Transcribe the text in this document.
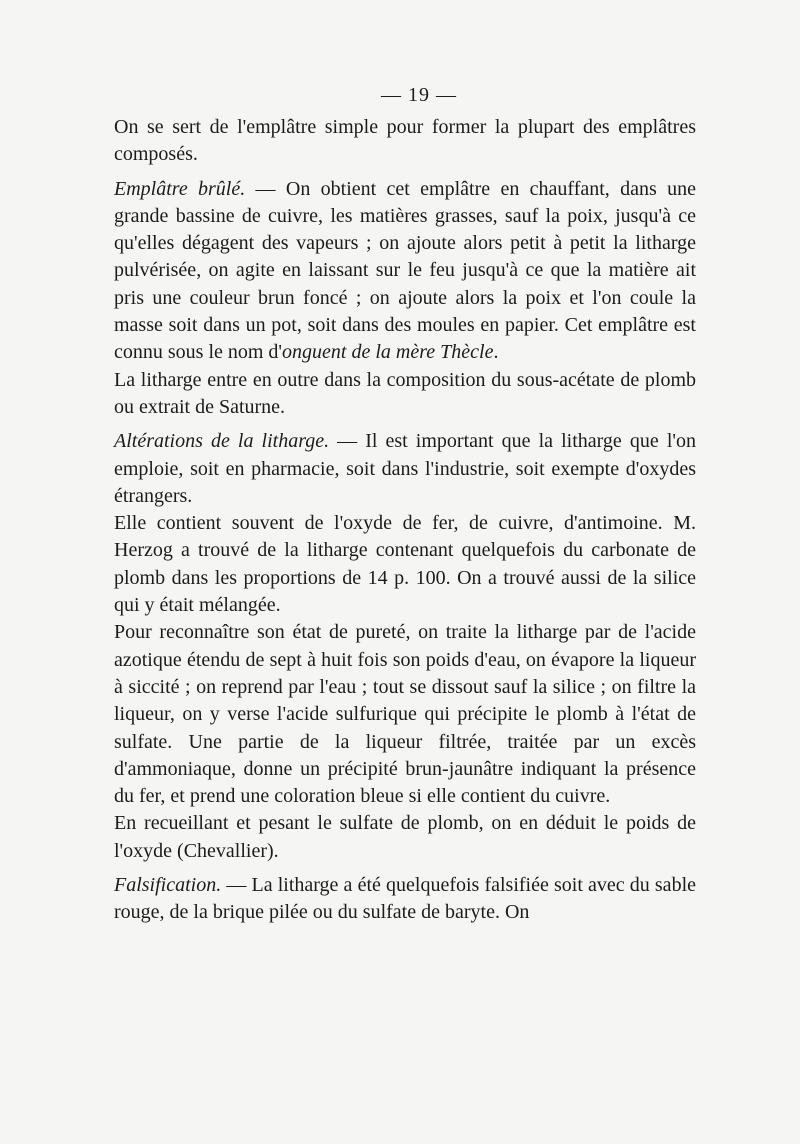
— 19 —

On se sert de l'emplâtre simple pour former la plupart des emplâtres composés.

Emplâtre brûlé. — On obtient cet emplâtre en chauffant, dans une grande bassine de cuivre, les matières grasses, sauf la poix, jusqu'à ce qu'elles dégagent des vapeurs ; on ajoute alors petit à petit la litharge pulvérisée, on agite en laissant sur le feu jusqu'à ce que la matière ait pris une couleur brun foncé ; on ajoute alors la poix et l'on coule la masse soit dans un pot, soit dans des moules en papier. Cet emplâtre est connu sous le nom d'onguent de la mère Thècle.

La litharge entre en outre dans la composition du sous-acétate de plomb ou extrait de Saturne.

Altérations de la litharge. — Il est important que la litharge que l'on emploie, soit en pharmacie, soit dans l'industrie, soit exempte d'oxydes étrangers.

Elle contient souvent de l'oxyde de fer, de cuivre, d'antimoine. M. Herzog a trouvé de la litharge contenant quelquefois du carbonate de plomb dans les proportions de 14 p. 100. On a trouvé aussi de la silice qui y était mélangée.

Pour reconnaître son état de pureté, on traite la litharge par de l'acide azotique étendu de sept à huit fois son poids d'eau, on évapore la liqueur à siccité ; on reprend par l'eau ; tout se dissout sauf la silice ; on filtre la liqueur, on y verse l'acide sulfurique qui précipite le plomb à l'état de sulfate. Une partie de la liqueur filtrée, traitée par un excès d'ammoniaque, donne un précipité brun-jaunâtre indiquant la présence du fer, et prend une coloration bleue si elle contient du cuivre.

En recueillant et pesant le sulfate de plomb, on en déduit le poids de l'oxyde (Chevallier).

Falsification. — La litharge a été quelquefois falsifiée soit avec du sable rouge, de la brique pilée ou du sulfate de baryte. On
